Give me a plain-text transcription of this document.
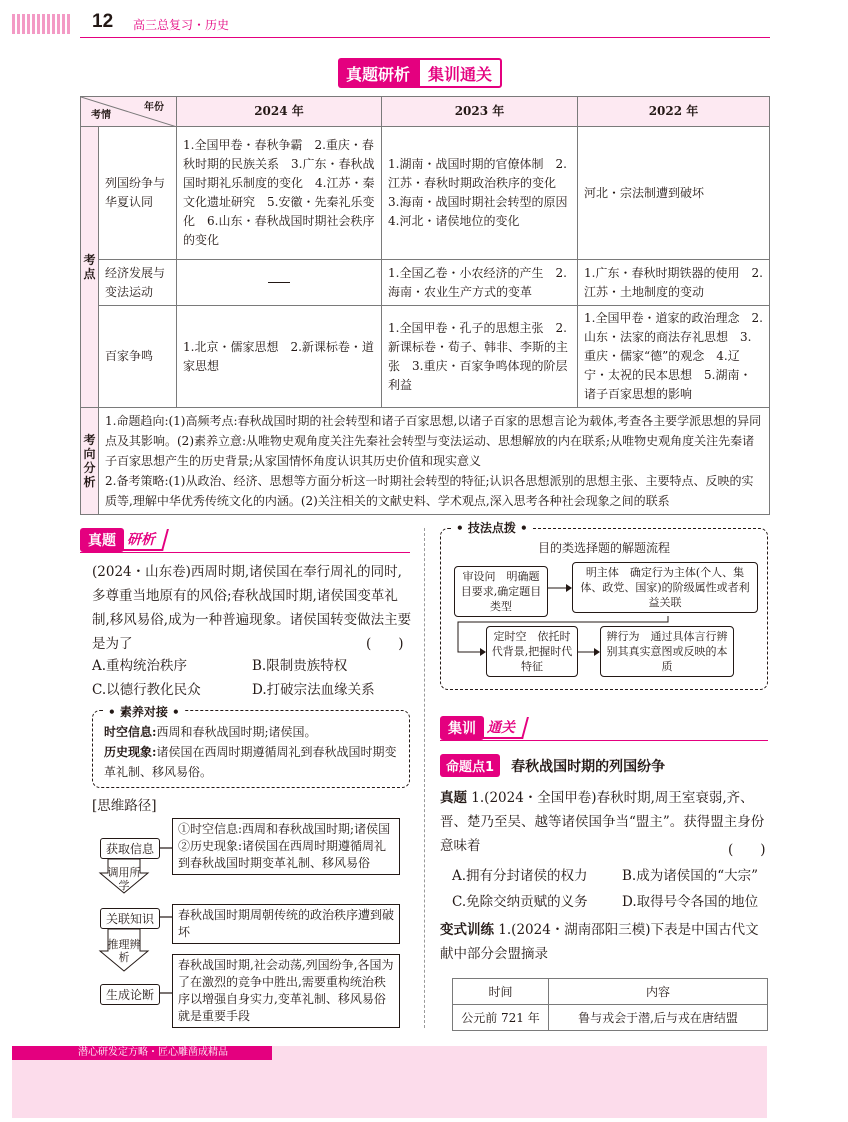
12 高三总复习・历史
真题研析	集训通关
年份
考情		2024 年	2023 年	2022 年
考点	列国纷争与华夏认同	1.全国甲卷・春秋争霸　2.重庆・春秋时期的民族关系　3.广东・春秋战国时期礼乐制度的变化　4.江苏・秦文化遗址研究　5.安徽・先秦礼乐变化　6.山东・春秋战国时期社会秩序的变化	1.湖南・战国时期的官僚体制　2.江苏・春秋时期政治秩序的变化　3.海南・战国时期社会转型的原因　4.河北・诸侯地位的变化	河北・宗法制遭到破坏
	经济发展与变法运动		1.全国乙卷・小农经济的产生　2.海南・农业生产方式的变革	1.广东・春秋时期铁器的使用　2.江苏・土地制度的变动
	百家争鸣	1.北京・儒家思想　2.新课标卷・道家思想	1.全国甲卷・孔子的思想主张　2.新课标卷・荀子、韩非、李斯的主张　3.重庆・百家争鸣体现的阶层利益	1.全国甲卷・道家的政治理念　2.山东・法家的商法存礼思想　3.重庆・儒家“德”的观念　4.辽宁・太祝的民本思想　5.湖南・诸子百家思想的影响
考向分析	1.命题趋向:(1)高频考点:春秋战国时期的社会转型和诸子百家思想,以诸子百家的思想言论为载体,考查各主要学派思想的异同点及其影响。(2)素养立意:从唯物史观角度关注先秦社会转型与变法运动、思想解放的内在联系;从唯物史观角度关注先秦诸子百家思想产生的历史背景;从家国情怀角度认识其历史价值和现实意义
2.备考策略:(1)从政治、经济、思想等方面分析这一时期社会转型的特征;认识各思想派别的思想主张、主要特点、反映的实质等,理解中华优秀传统文化的内涵。(2)关注相关的文献史料、学术观点,深入思考各种社会现象之间的联系			
真题 研析
(2024・山东卷)西周时期,诸侯国在奉行周礼的同时,多尊重当地原有的风俗;春秋战国时期,诸侯国变革礼制,移风易俗,成为一种普遍现象。诸侯国转变做法主要是为了	(　　)
A.重构统治秩序	B.限制贵族特权
C.以德行教化民众	D.打破宗法血缘关系
• 素养对接 •
时空信息:西周和春秋战国时期;诸侯国。
历史现象:诸侯国在西周时期遵循周礼到春秋战国时期变革礼制、移风易俗。
[思维路径]
获取信息
①时空信息:西周和春秋战国时期;诸侯国　②历史现象:诸侯国在西周时期遵循周礼到春秋战国时期变革礼制、移风易俗
调用所学
关联知识	春秋战国时期周朝传统的政治秩序遭到破坏
推理辨析
生成论断
春秋战国时期,社会动荡,列国纷争,各国为了在激烈的竞争中胜出,需要重构统治秩序以增强自身实力,变革礼制、移风易俗就是重要手段
• 技法点拨 •
目的类选择题的解题流程
审设问　明确题目要求,确定题目类型
明主体　确定行为主体(个人、集体、政党、国家)的阶级属性或者利益关联
定时空　依托时代背景,把握时代特征
辨行为　通过具体言行辨别其真实意图或反映的本质
集训 通关
命题点1 春秋战国时期的列国纷争
真题 1.(2024・全国甲卷)春秋时期,周王室衰弱,齐、晋、楚乃至吴、越等诸侯国争当“盟主”。获得盟主身份意味着	(　　)
A.拥有分封诸侯的权力	B.成为诸侯国的“大宗”
C.免除交纳贡赋的义务	D.取得号令各国的地位
变式训练 1.(2024・湖南邵阳三模)下表是中国古代文献中部分会盟摘录
时间	内容
公元前 721 年	鲁与戎会于潜,后与戎在唐结盟
潜心研发定方略・匠心雕凿成精品
